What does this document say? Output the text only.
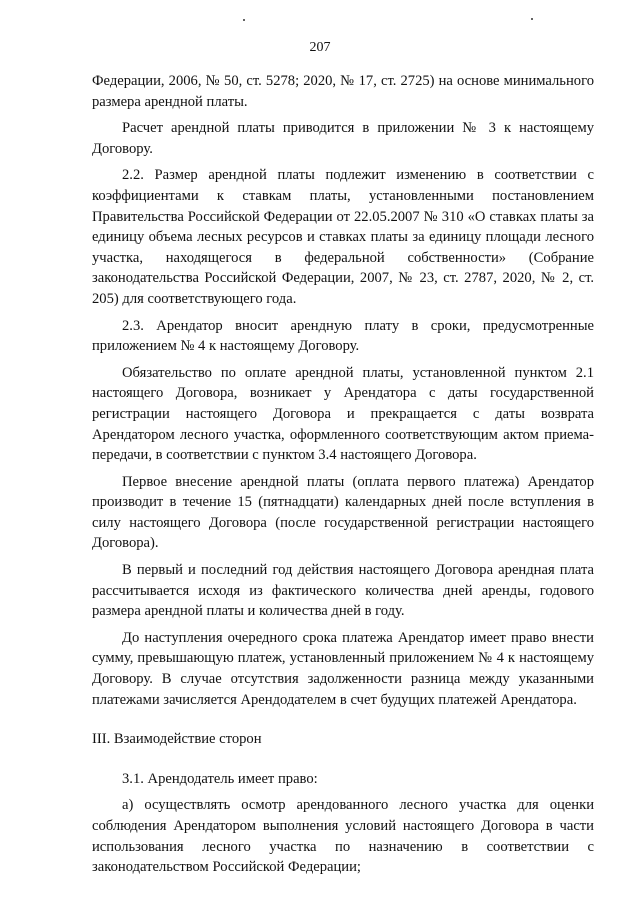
207

Федерации, 2006, № 50, ст. 5278; 2020, № 17, ст. 2725) на основе минимального размера арендной платы.

Расчет арендной платы приводится в приложении № 3 к настоящему Договору.

2.2. Размер арендной платы подлежит изменению в соответствии с коэффициентами к ставкам платы, установленными постановлением Правительства Российской Федерации от 22.05.2007 № 310 «О ставках платы за единицу объема лесных ресурсов и ставках платы за единицу площади лесного участка, находящегося в федеральной собственности» (Собрание законодательства Российской Федерации, 2007, № 23, ст. 2787, 2020, № 2, ст. 205) для соответствующего года.

2.3. Арендатор вносит арендную плату в сроки, предусмотренные приложением № 4 к настоящему Договору.

Обязательство по оплате арендной платы, установленной пунктом 2.1 настоящего Договора, возникает у Арендатора с даты государственной регистрации настоящего Договора и прекращается с даты возврата Арендатором лесного участка, оформленного соответствующим актом приема-передачи, в соответствии с пунктом 3.4 настоящего Договора.

Первое внесение арендной платы (оплата первого платежа) Арендатор производит в течение 15 (пятнадцати) календарных дней после вступления в силу настоящего Договора (после государственной регистрации настоящего Договора).

В первый и последний год действия настоящего Договора арендная плата рассчитывается исходя из фактического количества дней аренды, годового размера арендной платы и количества дней в году.

До наступления очередного срока платежа Арендатор имеет право внести сумму, превышающую платеж, установленный приложением № 4 к настоящему Договору. В случае отсутствия задолженности разница между указанными платежами зачисляется Арендодателем в счет будущих платежей Арендатора.

III. Взаимодействие сторон

3.1. Арендодатель имеет право:

а) осуществлять осмотр арендованного лесного участка для оценки соблюдения Арендатором выполнения условий настоящего Договора в части использования лесного участка по назначению в соответствии с законодательством Российской Федерации;
